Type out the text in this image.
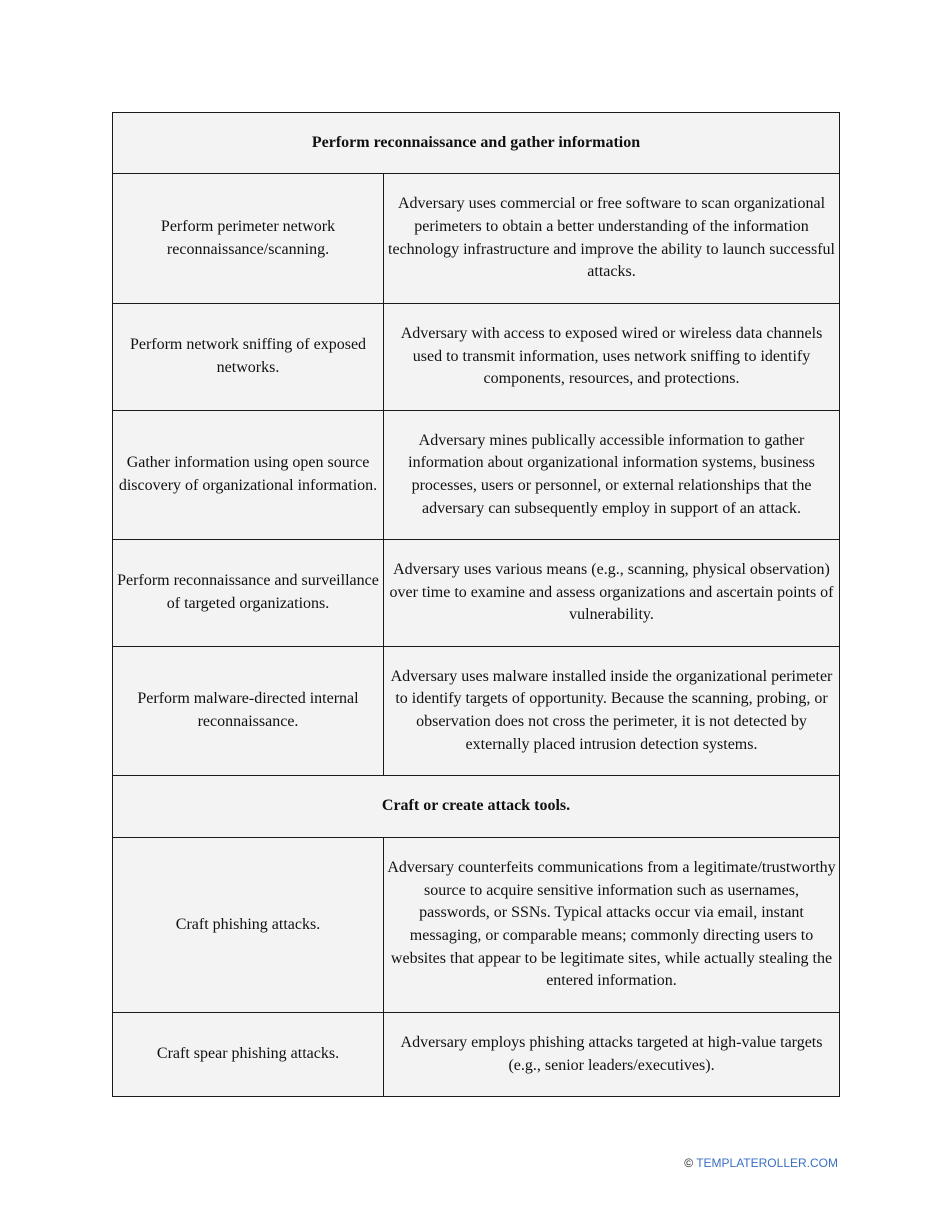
Perform reconnaissance and gather information	
Perform perimeter network reconnaissance/scanning.	Adversary uses commercial or free software to scan organizational perimeters to obtain a better understanding of the information technology infrastructure and improve the ability to launch successful attacks.
Perform network sniffing of exposed networks.	Adversary with access to exposed wired or wireless data channels used to transmit information, uses network sniffing to identify components, resources, and protections.
Gather information using open source discovery of organizational information.	Adversary mines publically accessible information to gather information about organizational information systems, business processes, users or personnel, or external relationships that the adversary can subsequently employ in support of an attack.
Perform reconnaissance and surveillance of targeted organizations.	Adversary uses various means (e.g., scanning, physical observation) over time to examine and assess organizations and ascertain points of vulnerability.
Perform malware-directed internal reconnaissance.	Adversary uses malware installed inside the organizational perimeter to identify targets of opportunity. Because the scanning, probing, or observation does not cross the perimeter, it is not detected by externally placed intrusion detection systems.
Craft or create attack tools.	
Craft phishing attacks.	Adversary counterfeits communications from a legitimate/trustworthy source to acquire sensitive information such as usernames, passwords, or SSNs. Typical attacks occur via email, instant messaging, or comparable means; commonly directing users to websites that appear to be legitimate sites, while actually stealing the entered information.
Craft spear phishing attacks.	Adversary employs phishing attacks targeted at high-value targets (e.g., senior leaders/executives).
© TEMPLATEROLLER.COM
